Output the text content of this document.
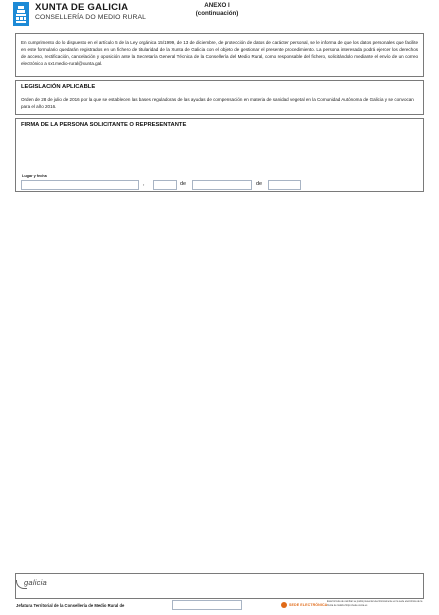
XUNTA DE GALICIA
CONSELLERÍA DO MEDIO RURAL
ANEXO I
(continuación)

En cumprimento do lo dispuesto en el artículo 5 de la Ley orgánica 15/1999, de 13 de diciembre, de protección de datos de carácter personal, se le informa de que los datos personales que facilite en este formulario quedarán registrados en un fichero de titularidad de la Xunta de Galicia con el objeto de gestionar el presente procedimiento. La persona interesada podrá ejercer los derechos de acceso, rectificación, cancelación y oposición ante la Secretaría General Técnica de la Consellería del Medio Rural, como responsable del fichero, solicitándolo mediante el envío de un correo electrónico a sxt.medio-rural@xunta.gal.

LEGISLACIÓN APLICABLE

Orden de 28 de julio de 2016 por la que se establecen las bases reguladoras de las ayudas de compensación en materia de sanidad vegetal en la Comunidad Autónoma de Galicia y se convocan para el año 2016.

FIRMA DE LA PERSONA SOLICITANTE O REPRESENTANTE
Lugar y fecha
,	de	de
galicia
Jefatura Territorial de la Consellería de Medio Rural de	SEDE ELECTRÓNICA
Esta formula de cambiar se podrá presentar electrónicamente en la sede electrónica de la Xunta de Galicia https://sede.xunta.es
